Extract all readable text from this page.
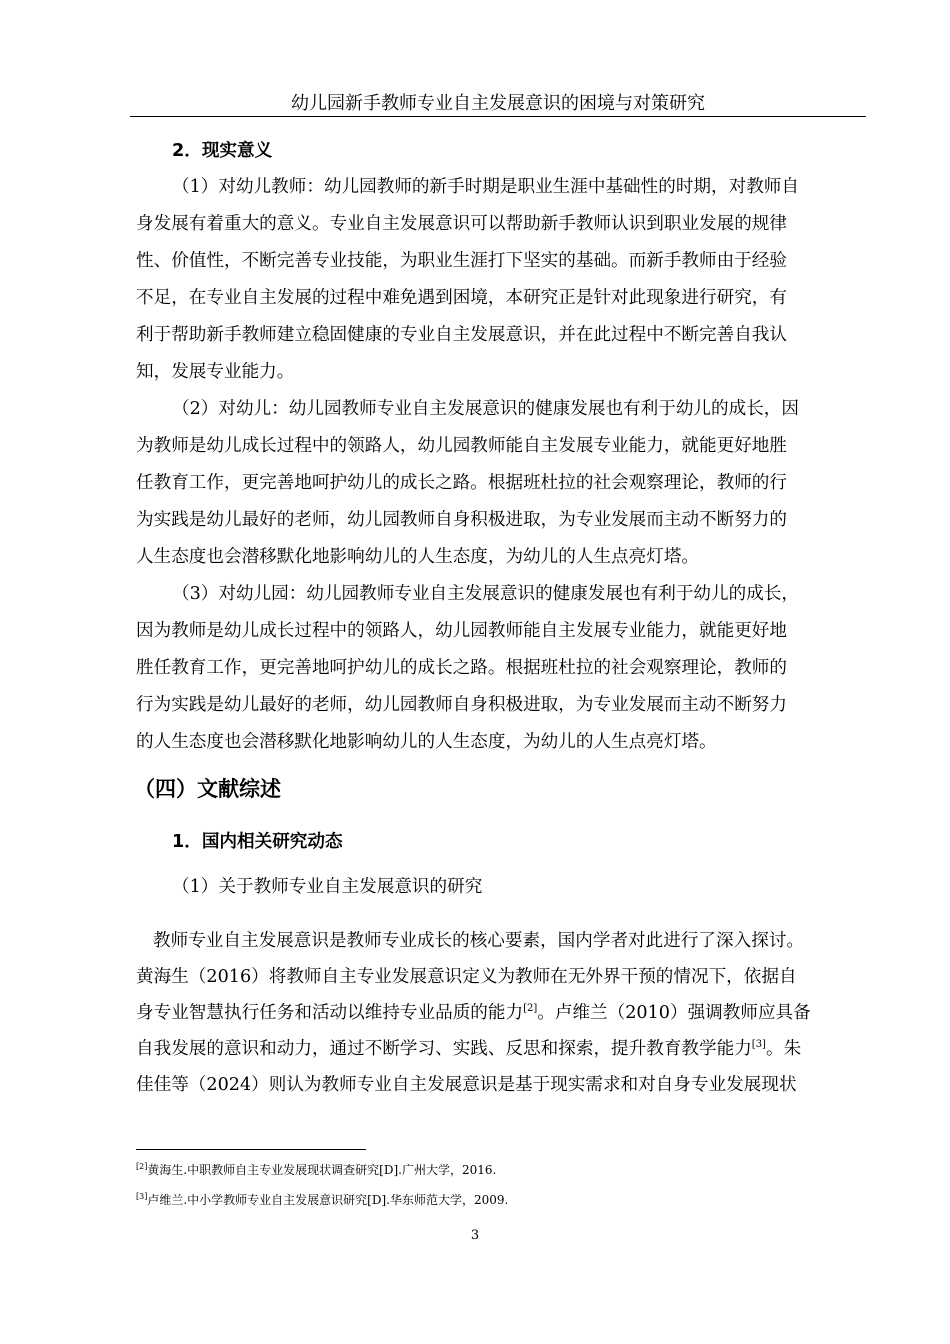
幼儿园新手教师专业自主发展意识的困境与对策研究
2．现实意义
（1）对幼儿教师：幼儿园教师的新手时期是职业生涯中基础性的时期，对教师自
身发展有着重大的意义。专业自主发展意识可以帮助新手教师认识到职业发展的规律
性、价值性，不断完善专业技能，为职业生涯打下坚实的基础。而新手教师由于经验
不足，在专业自主发展的过程中难免遇到困境，本研究正是针对此现象进行研究，有
利于帮助新手教师建立稳固健康的专业自主发展意识，并在此过程中不断完善自我认
知，发展专业能力。
（2）对幼儿：幼儿园教师专业自主发展意识的健康发展也有利于幼儿的成长，因
为教师是幼儿成长过程中的领路人，幼儿园教师能自主发展专业能力，就能更好地胜
任教育工作，更完善地呵护幼儿的成长之路。根据班杜拉的社会观察理论，教师的行
为实践是幼儿最好的老师，幼儿园教师自身积极进取，为专业发展而主动不断努力的
人生态度也会潜移默化地影响幼儿的人生态度，为幼儿的人生点亮灯塔。
（3）对幼儿园：幼儿园教师专业自主发展意识的健康发展也有利于幼儿的成长，
因为教师是幼儿成长过程中的领路人，幼儿园教师能自主发展专业能力，就能更好地
胜任教育工作，更完善地呵护幼儿的成长之路。根据班杜拉的社会观察理论，教师的
行为实践是幼儿最好的老师，幼儿园教师自身积极进取，为专业发展而主动不断努力
的人生态度也会潜移默化地影响幼儿的人生态度，为幼儿的人生点亮灯塔。
（四）文献综述
1．国内相关研究动态
（1）关于教师专业自主发展意识的研究
教师专业自主发展意识是教师专业成长的核心要素，国内学者对此进行了深入探讨。
黄海生（2016）将教师自主专业发展意识定义为教师在无外界干预的情况下，依据自
身专业智慧执行任务和活动以维持专业品质的能力[2]。卢维兰（2010）强调教师应具备
自我发展的意识和动力，通过不断学习、实践、反思和探索，提升教育教学能力[3]。朱
佳佳等（2024）则认为教师专业自主发展意识是基于现实需求和对自身专业发展现状
[2]黄海生.中职教师自主专业发展现状调查研究[D].广州大学，2016.
[3]卢维兰.中小学教师专业自主发展意识研究[D].华东师范大学，2009.
3
